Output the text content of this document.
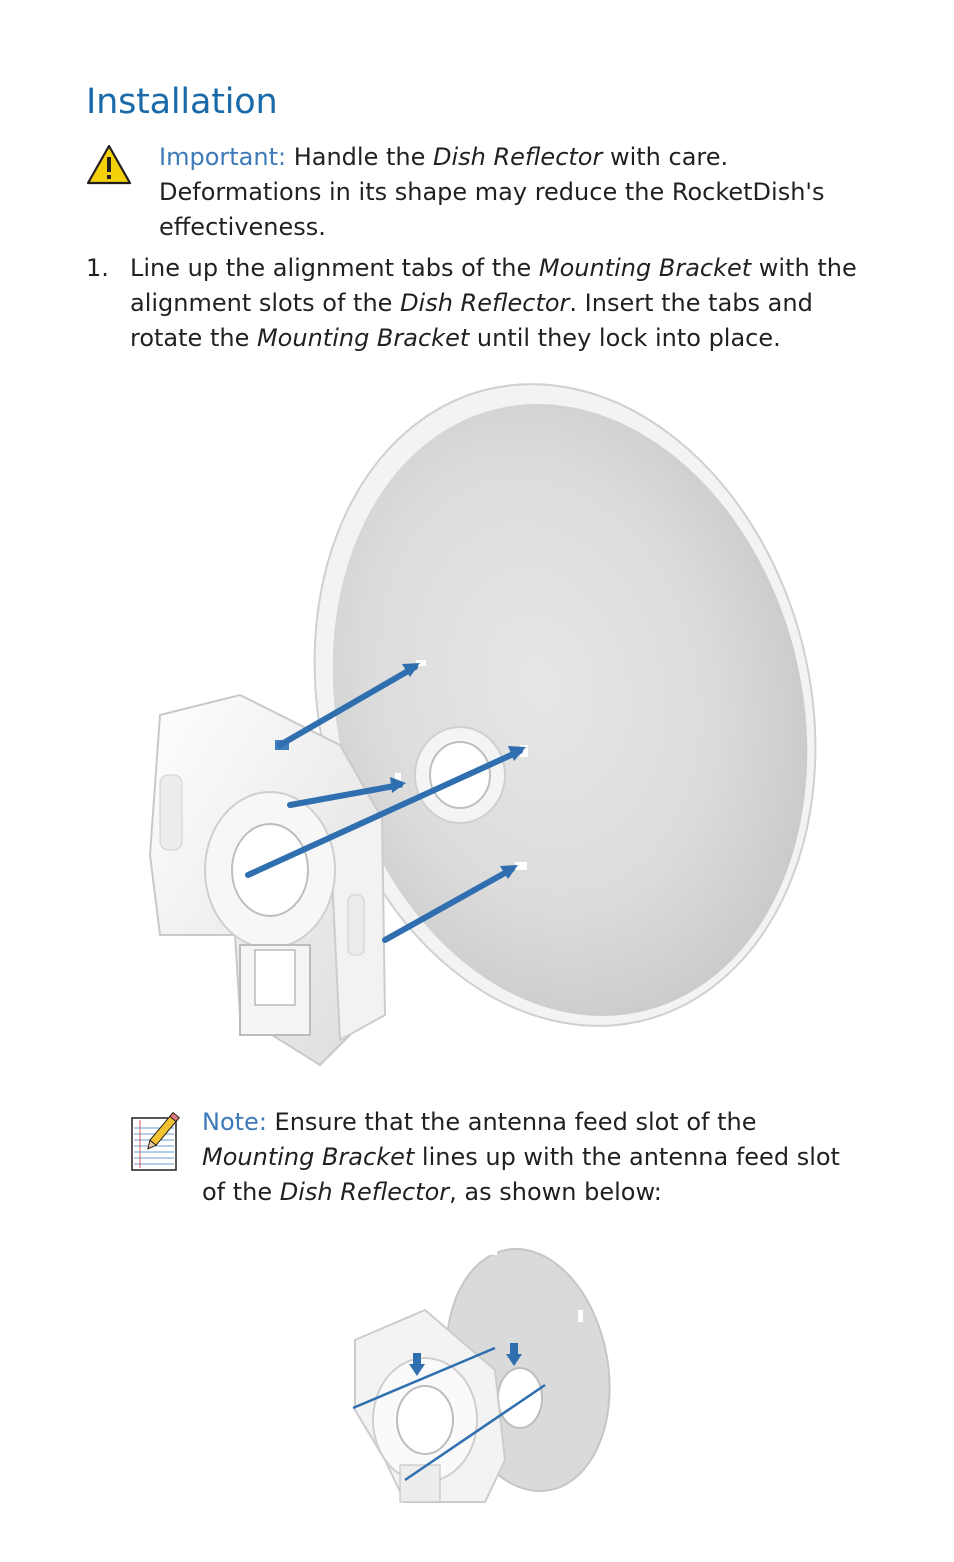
Installation
Important: Handle the Dish Reflector with care. Deformations in its shape may reduce the RocketDish's effectiveness.
1. Line up the alignment tabs of the Mounting Bracket with the alignment slots of the Dish Reflector. Insert the tabs and rotate the Mounting Bracket until they lock into place.
Note: Ensure that the antenna feed slot of the Mounting Bracket lines up with the antenna feed slot of the Dish Reflector, as shown below:
